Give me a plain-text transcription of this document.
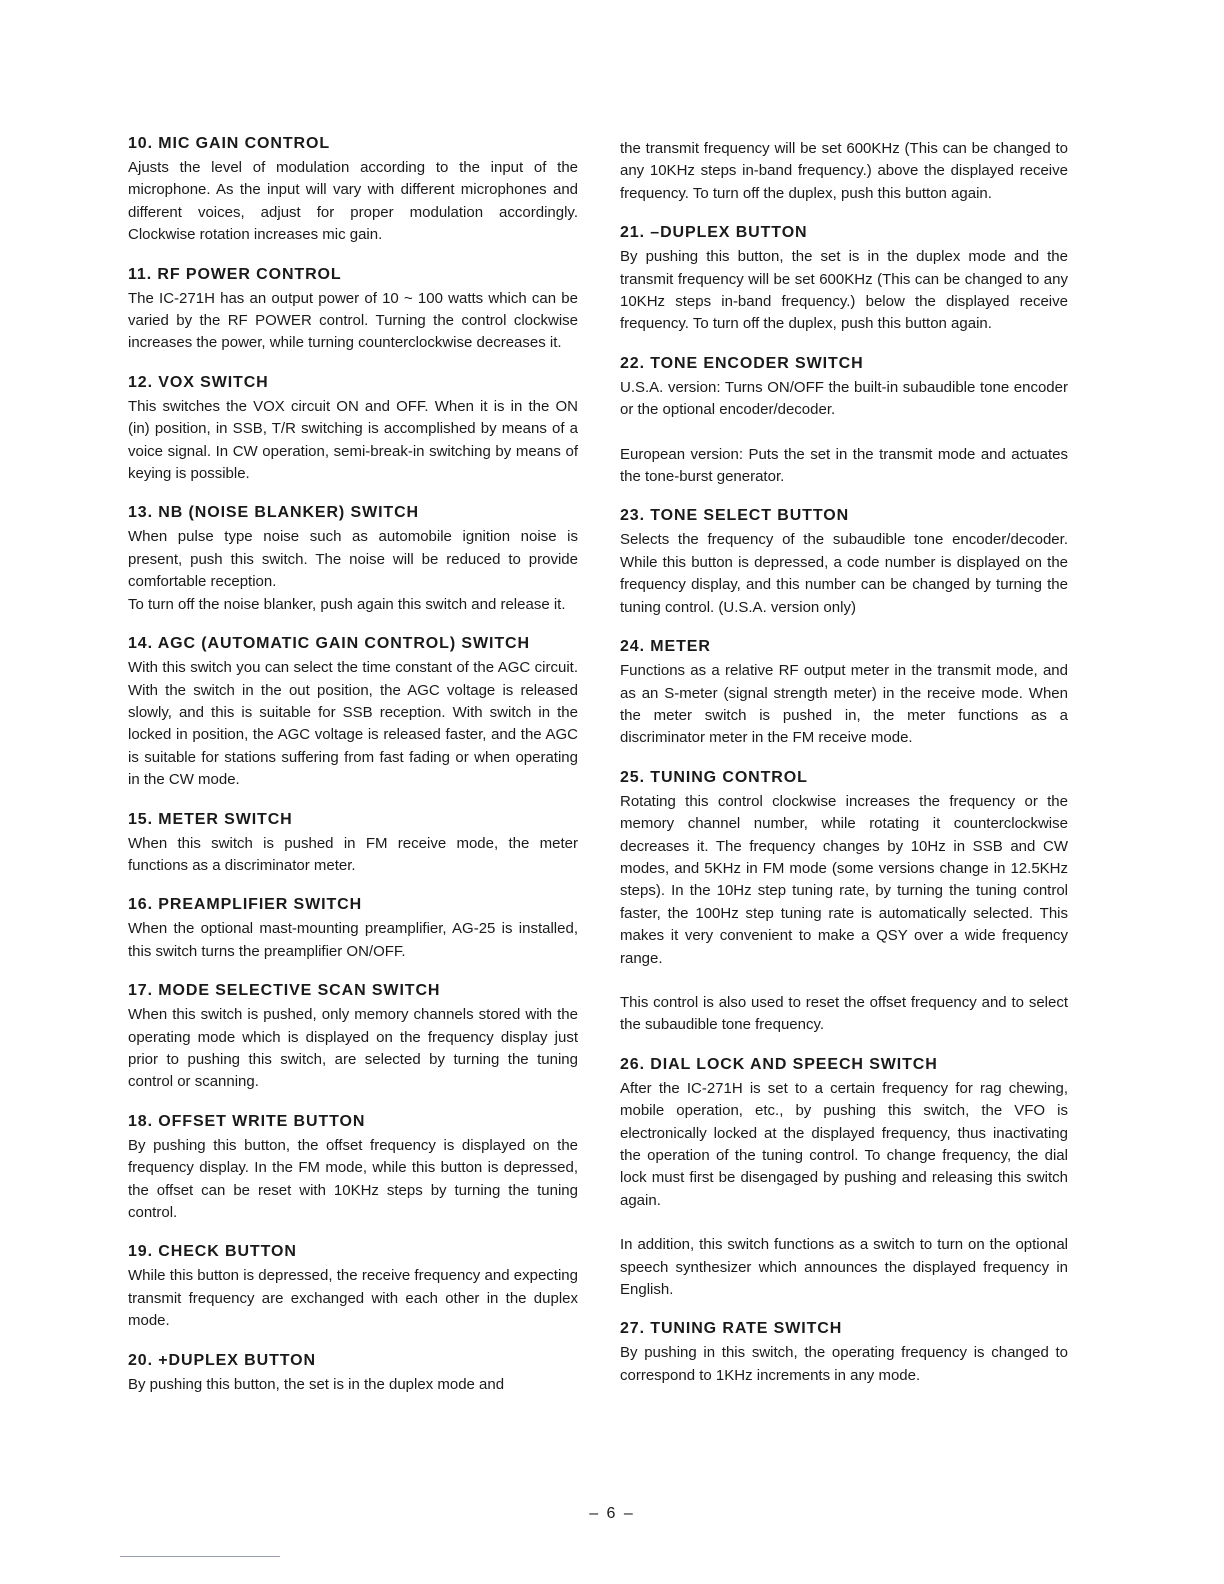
10. MIC GAIN CONTROL

Ajusts the level of modulation according to the input of the microphone. As the input will vary with different microphones and different voices, adjust for proper modulation accordingly. Clockwise rotation increases mic gain.

11. RF POWER CONTROL

The IC-271H has an output power of 10 ~ 100 watts which can be varied by the RF POWER control. Turning the control clockwise increases the power, while turning counterclockwise decreases it.

12. VOX SWITCH

This switches the VOX circuit ON and OFF. When it is in the ON (in) position, in SSB, T/R switching is accomplished by means of a voice signal. In CW operation, semi-break-in switching by means of keying is possible.

13. NB (NOISE BLANKER) SWITCH

When pulse type noise such as automobile ignition noise is present, push this switch. The noise will be reduced to provide comfortable reception.

To turn off the noise blanker, push again this switch and release it.

14. AGC (AUTOMATIC GAIN CONTROL) SWITCH

With this switch you can select the time constant of the AGC circuit. With the switch in the out position, the AGC voltage is released slowly, and this is suitable for SSB reception. With switch in the locked in position, the AGC voltage is released faster, and the AGC is suitable for stations suffering from fast fading or when operating in the CW mode.

15. METER SWITCH

When this switch is pushed in FM receive mode, the meter functions as a discriminator meter.

16. PREAMPLIFIER SWITCH

When the optional mast-mounting preamplifier, AG-25 is installed, this switch turns the preamplifier ON/OFF.

17. MODE SELECTIVE SCAN SWITCH

When this switch is pushed, only memory channels stored with the operating mode which is displayed on the frequency display just prior to pushing this switch, are selected by turning the tuning control or scanning.

18. OFFSET WRITE BUTTON

By pushing this button, the offset frequency is displayed on the frequency display. In the FM mode, while this button is depressed, the offset can be reset with 10KHz steps by turning the tuning control.

19. CHECK BUTTON

While this button is depressed, the receive frequency and expecting transmit frequency are exchanged with each other in the duplex mode.

20. +DUPLEX BUTTON

By pushing this button, the set is in the duplex mode and

the transmit frequency will be set 600KHz (This can be changed to any 10KHz steps in-band frequency.) above the displayed receive frequency. To turn off the duplex, push this button again.

21. –DUPLEX BUTTON

By pushing this button, the set is in the duplex mode and the transmit frequency will be set 600KHz (This can be changed to any 10KHz steps in-band frequency.) below the displayed receive frequency. To turn off the duplex, push this button again.

22. TONE ENCODER SWITCH

U.S.A. version: Turns ON/OFF the built-in subaudible tone encoder or the optional encoder/decoder.

European version: Puts the set in the transmit mode and actuates the tone-burst generator.

23. TONE SELECT BUTTON

Selects the frequency of the subaudible tone encoder/decoder. While this button is depressed, a code number is displayed on the frequency display, and this number can be changed by turning the tuning control. (U.S.A. version only)

24. METER

Functions as a relative RF output meter in the transmit mode, and as an S-meter (signal strength meter) in the receive mode. When the meter switch is pushed in, the meter functions as a discriminator meter in the FM receive mode.

25. TUNING CONTROL

Rotating this control clockwise increases the frequency or the memory channel number, while rotating it counterclockwise decreases it. The frequency changes by 10Hz in SSB and CW modes, and 5KHz in FM mode (some versions change in 12.5KHz steps). In the 10Hz step tuning rate, by turning the tuning control faster, the 100Hz step tuning rate is automatically selected. This makes it very convenient to make a QSY over a wide frequency range.

This control is also used to reset the offset frequency and to select the subaudible tone frequency.

26. DIAL LOCK AND SPEECH SWITCH

After the IC-271H is set to a certain frequency for rag chewing, mobile operation, etc., by pushing this switch, the VFO is electronically locked at the displayed frequency, thus inactivating the operation of the tuning control. To change frequency, the dial lock must first be disengaged by pushing and releasing this switch again.

In addition, this switch functions as a switch to turn on the optional speech synthesizer which announces the displayed frequency in English.

27. TUNING RATE SWITCH

By pushing in this switch, the operating frequency is changed to correspond to 1KHz increments in any mode.

– 6 –
